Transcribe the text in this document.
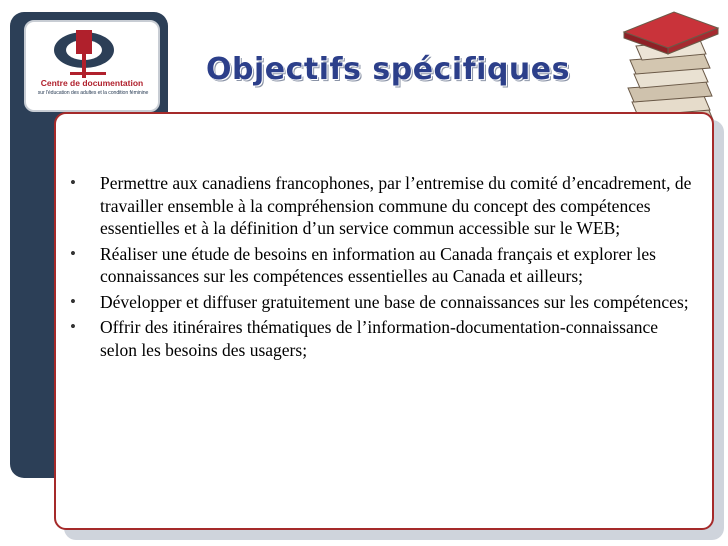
Centre de documentation
sur l'éducation des adultes et la condition féminine
Objectifs spécifiques
• Permettre aux canadiens francophones, par l’entremise du comité d’encadrement, de travailler ensemble à la compréhension commune du concept des compétences essentielles et à la définition d’un service commun accessible sur le WEB;
• Réaliser une étude de besoins en information au Canada français et explorer les connaissances sur les compétences essentielles au Canada et ailleurs;
• Développer et diffuser gratuitement une base de connaissances sur les compétences;
• Offrir des itinéraires thématiques de l’information-documentation-connaissance selon les besoins des usagers;
